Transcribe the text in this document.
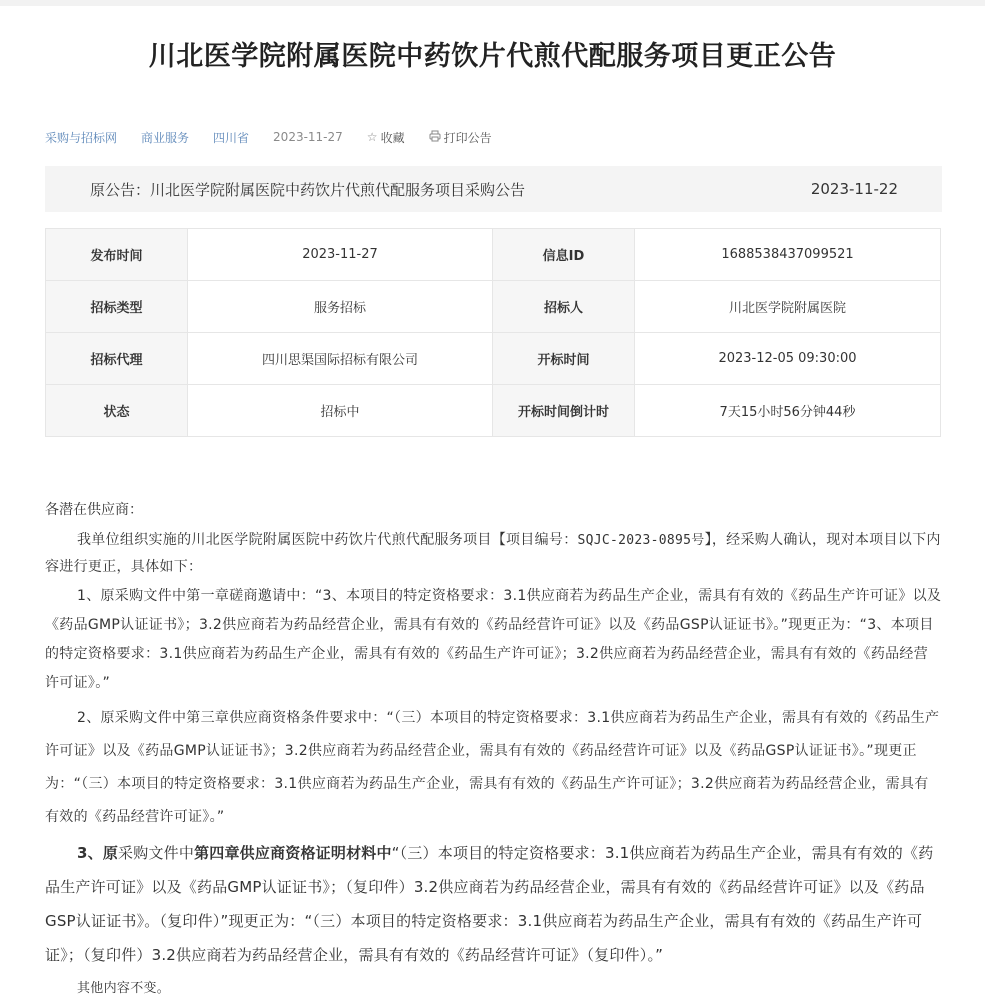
川北医学院附属医院中药饮片代煎代配服务项目更正公告
采购与招标网 商业服务 四川省 2023-11-27 ☆ 收藏	打印公告
原公告：川北医学院附属医院中药饮片代煎代配服务项目采购公告	2023-11-22
发布时间	2023-11-27	信息ID	1688538437099521
招标类型	服务招标	招标人	川北医学院附属医院
招标代理	四川思渠国际招标有限公司	开标时间	2023-12-05 09:30:00
状态	招标中	开标时间倒计时	7天15小时56分钟44秒

各潜在供应商：

我单位组织实施的川北医学院附属医院中药饮片代煎代配服务项目【项目编号：SQJC-2023-0895号】，经采购人确认，现对本项目以下内容进行更正，具体如下：

1、原采购文件中第一章磋商邀请中：“3、本项目的特定资格要求：3.1供应商若为药品生产企业，需具有有效的《药品生产许可证》以及《药品GMP认证证书》；3.2供应商若为药品经营企业，需具有有效的《药品经营许可证》以及《药品GSP认证证书》。”现更正为：“3、本项目的特定资格要求：3.1供应商若为药品生产企业，需具有有效的《药品生产许可证》；3.2供应商若为药品经营企业，需具有有效的《药品经营许可证》。”

2、原采购文件中第三章供应商资格条件要求中：“（三）本项目的特定资格要求：3.1供应商若为药品生产企业，需具有有效的《药品生产许可证》以及《药品GMP认证证书》；3.2供应商若为药品经营企业，需具有有效的《药品经营许可证》以及《药品GSP认证证书》。”现更正为：“（三）本项目的特定资格要求：3.1供应商若为药品生产企业，需具有有效的《药品生产许可证》；3.2供应商若为药品经营企业，需具有有效的《药品经营许可证》。”

3、原采购文件中第四章供应商资格证明材料中“（三）本项目的特定资格要求：3.1供应商若为药品生产企业，需具有有效的《药品生产许可证》以及《药品GMP认证证书》；（复印件）3.2供应商若为药品经营企业，需具有有效的《药品经营许可证》以及《药品GSP认证证书》。（复印件）”现更正为：“（三）本项目的特定资格要求：3.1供应商若为药品生产企业，需具有有效的《药品生产许可证》；（复印件）3.2供应商若为药品经营企业，需具有有效的《药品经营许可证》（复印件）。”

其他内容不变。
